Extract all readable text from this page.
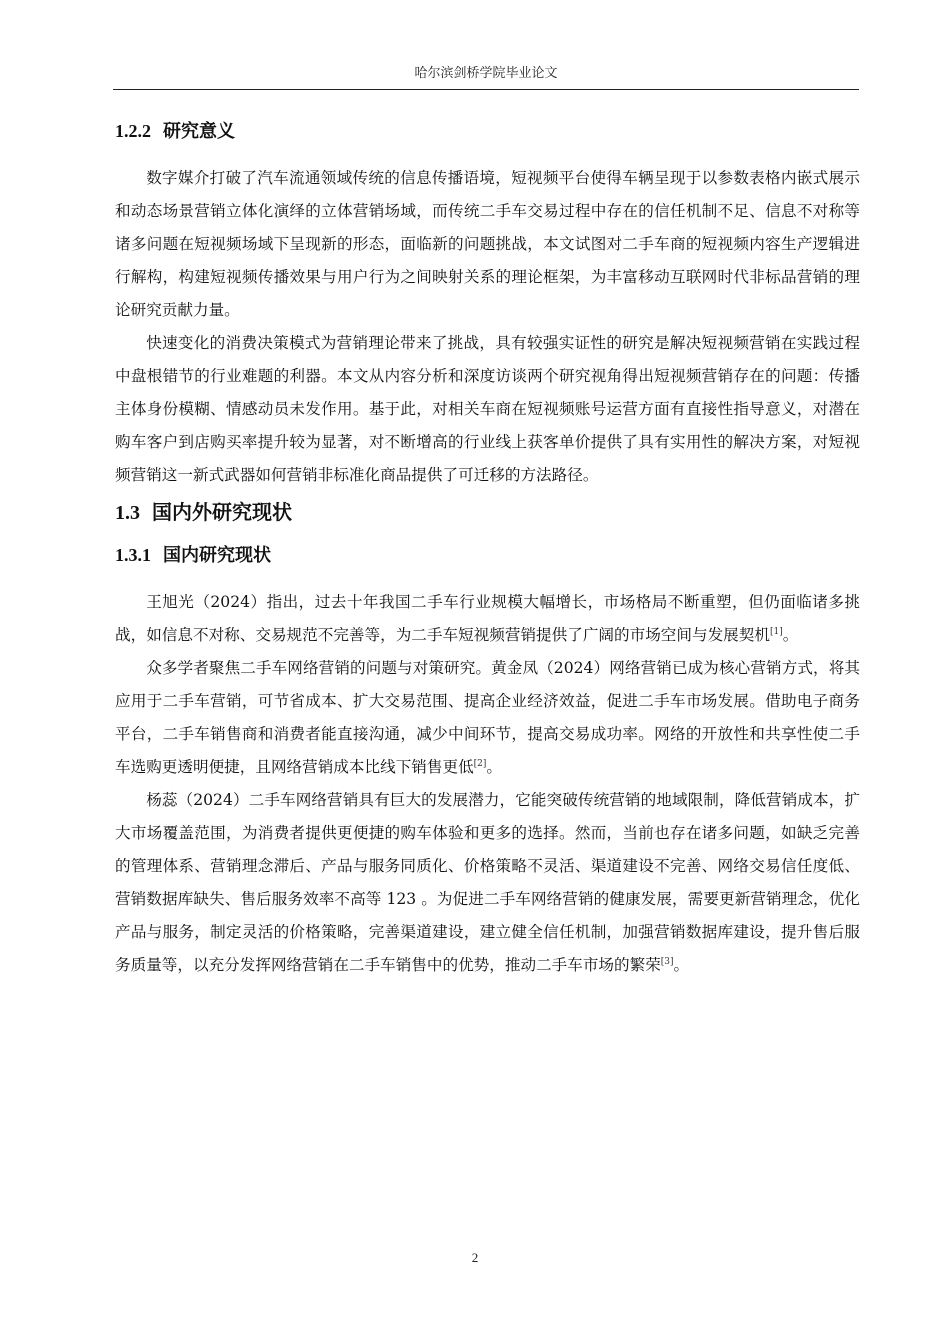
哈尔滨剑桥学院毕业论文
1.2.2 研究意义

数字媒介打破了汽车流通领域传统的信息传播语境，短视频平台使得车辆呈现于以参数表格内嵌式展示和动态场景营销立体化演绎的立体营销场域，而传统二手车交易过程中存在的信任机制不足、信息不对称等诸多问题在短视频场域下呈现新的形态，面临新的问题挑战，本文试图对二手车商的短视频内容生产逻辑进行解构，构建短视频传播效果与用户行为之间映射关系的理论框架，为丰富移动互联网时代非标品营销的理论研究贡献力量。

快速变化的消费决策模式为营销理论带来了挑战，具有较强实证性的研究是解决短视频营销在实践过程中盘根错节的行业难题的利器。本文从内容分析和深度访谈两个研究视角得出短视频营销存在的问题：传播主体身份模糊、情感动员未发作用。基于此，对相关车商在短视频账号运营方面有直接性指导意义，对潜在购车客户到店购买率提升较为显著，对不断增高的行业线上获客单价提供了具有实用性的解决方案，对短视频营销这一新式武器如何营销非标准化商品提供了可迁移的方法路径。

1.3 国内外研究现状
1.3.1 国内研究现状

王旭光（2024）指出，过去十年我国二手车行业规模大幅增长，市场格局不断重塑，但仍面临诸多挑战，如信息不对称、交易规范不完善等，为二手车短视频营销提供了广阔的市场空间与发展契机[1]。

众多学者聚焦二手车网络营销的问题与对策研究。黄金凤（2024）网络营销已成为核心营销方式，将其应用于二手车营销，可节省成本、扩大交易范围、提高企业经济效益，促进二手车市场发展。借助电子商务平台，二手车销售商和消费者能直接沟通，减少中间环节，提高交易成功率。网络的开放性和共享性使二手车选购更透明便捷，且网络营销成本比线下销售更低[2]。

杨蕊（2024）二手车网络营销具有巨大的发展潜力，它能突破传统营销的地域限制，降低营销成本，扩大市场覆盖范围，为消费者提供更便捷的购车体验和更多的选择。然而，当前也存在诸多问题，如缺乏完善的管理体系、营销理念滞后、产品与服务同质化、价格策略不灵活、渠道建设不完善、网络交易信任度低、营销数据库缺失、售后服务效率不高等 123 。为促进二手车网络营销的健康发展，需要更新营销理念，优化产品与服务，制定灵活的价格策略，完善渠道建设，建立健全信任机制，加强营销数据库建设，提升售后服务质量等，以充分发挥网络营销在二手车销售中的优势，推动二手车市场的繁荣[3]。

2
